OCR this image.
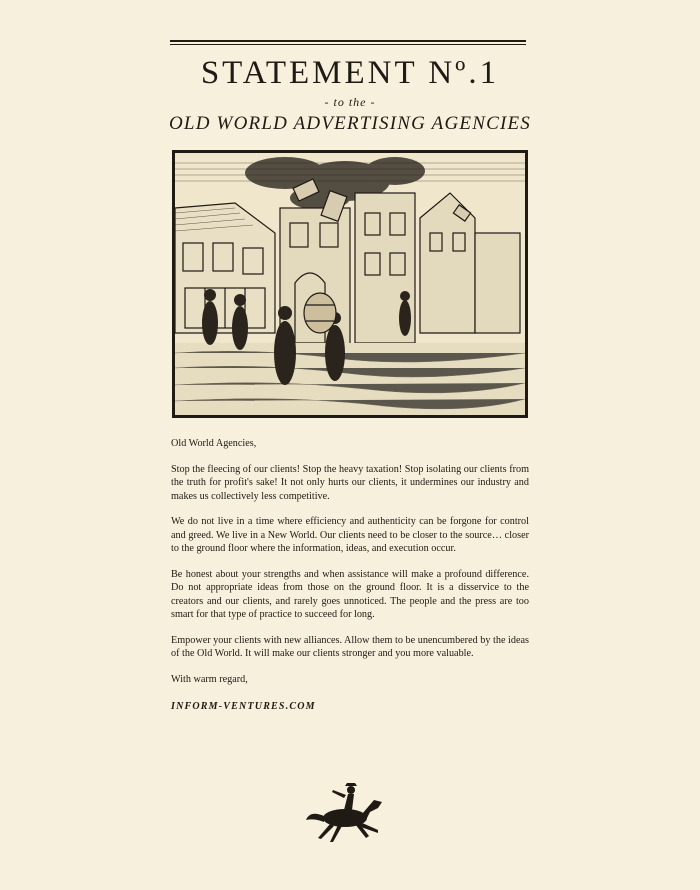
STATEMENT Nº.1
- to the -
OLD WORLD ADVERTISING AGENCIES

Old World Agencies,

Stop the fleecing of our clients! Stop the heavy taxation! Stop isolating our clients from the truth for profit's sake! It not only hurts our clients, it undermines our industry and makes us collectively less competitive.

We do not live in a time where efficiency and authenticity can be forgone for control and greed. We live in a New World. Our clients need to be closer to the source… closer to the ground floor where the information, ideas, and execution occur.

Be honest about your strengths and when assistance will make a profound difference. Do not appropriate ideas from those on the ground floor. It is a disservice to the creators and our clients, and rarely goes unnoticed. The people and the press are too smart for that type of practice to succeed for long.

Empower your clients with new alliances. Allow them to be unencumbered by the ideas of the Old World. It will make our clients stronger and you more valuable.

With warm regard,

INFORM-VENTURES.COM
